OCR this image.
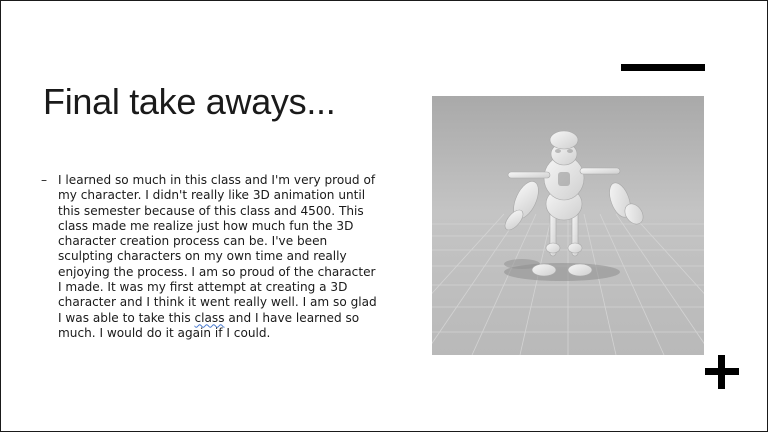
Final take aways...
– I learned so much in this class and I'm very proud of my character. I didn't really like 3D animation until this semester because of this class and 4500. This class made me realize just how much fun the 3D character creation process can be. I've been sculpting characters on my own time and really enjoying the process. I am so proud of the character I made. It was my first attempt at creating a 3D character and I think it went really well. I am so glad I was able to take this class and I have learned so much. I would do it again if I could.
